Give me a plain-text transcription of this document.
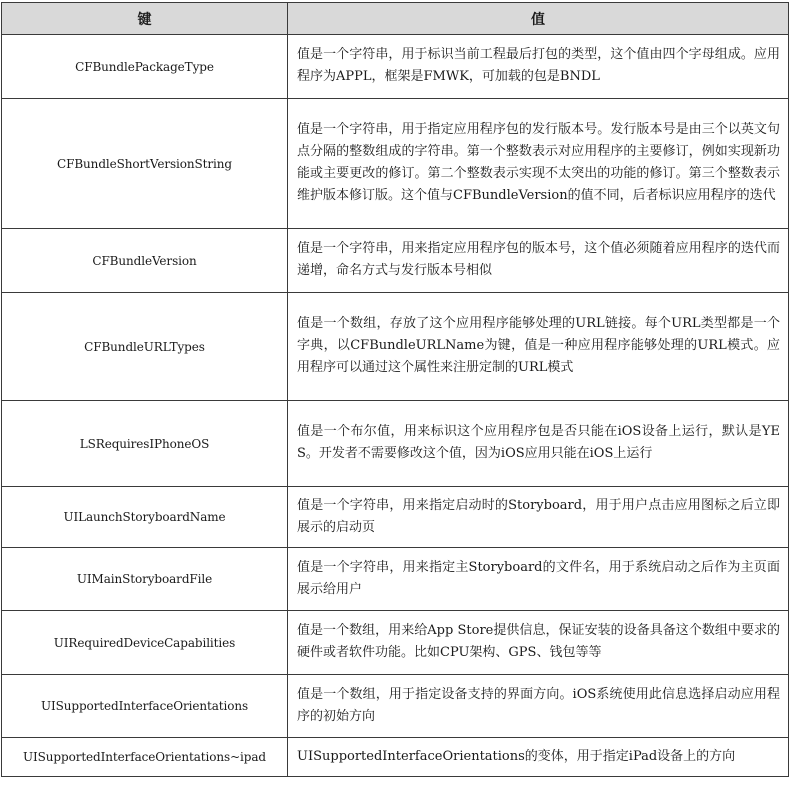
键	值
CFBundlePackageType	值是一个字符串，用于标识当前工程最后打包的类型，这个值由四个字母组成。应用程序为APPL，框架是FMWK，可加载的包是BNDL
CFBundleShortVersionString	值是一个字符串，用于指定应用程序包的发行版本号。发行版本号是由三个以英文句点分隔的整数组成的字符串。第一个整数表示对应用程序的主要修订，例如实现新功能或主要更改的修订。第二个整数表示实现不太突出的功能的修订。第三个整数表示维护版本修订版。这个值与CFBundleVersion的值不同，后者标识应用程序的迭代
CFBundleVersion	值是一个字符串，用来指定应用程序包的版本号，这个值必须随着应用程序的迭代而递增，命名方式与发行版本号相似
CFBundleURLTypes	值是一个数组，存放了这个应用程序能够处理的URL链接。每个URL类型都是一个字典，以CFBundleURLName为键，值是一种应用程序能够处理的URL模式。应用程序可以通过这个属性来注册定制的URL模式
LSRequiresIPhoneOS	值是一个布尔值，用来标识这个应用程序包是否只能在iOS设备上运行，默认是YES。开发者不需要修改这个值，因为iOS应用只能在iOS上运行
UILaunchStoryboardName	值是一个字符串，用来指定启动时的Storyboard，用于用户点击应用图标之后立即展示的启动页
UIMainStoryboardFile	值是一个字符串，用来指定主Storyboard的文件名，用于系统启动之后作为主页面展示给用户
UIRequiredDeviceCapabilities	值是一个数组，用来给App Store提供信息，保证安装的设备具备这个数组中要求的硬件或者软件功能。比如CPU架构、GPS、钱包等等
UISupportedInterfaceOrientations	值是一个数组，用于指定设备支持的界面方向。iOS系统使用此信息选择启动应用程序的初始方向
UISupportedInterfaceOrientations~ipad	UISupportedInterfaceOrientations的变体，用于指定iPad设备上的方向
